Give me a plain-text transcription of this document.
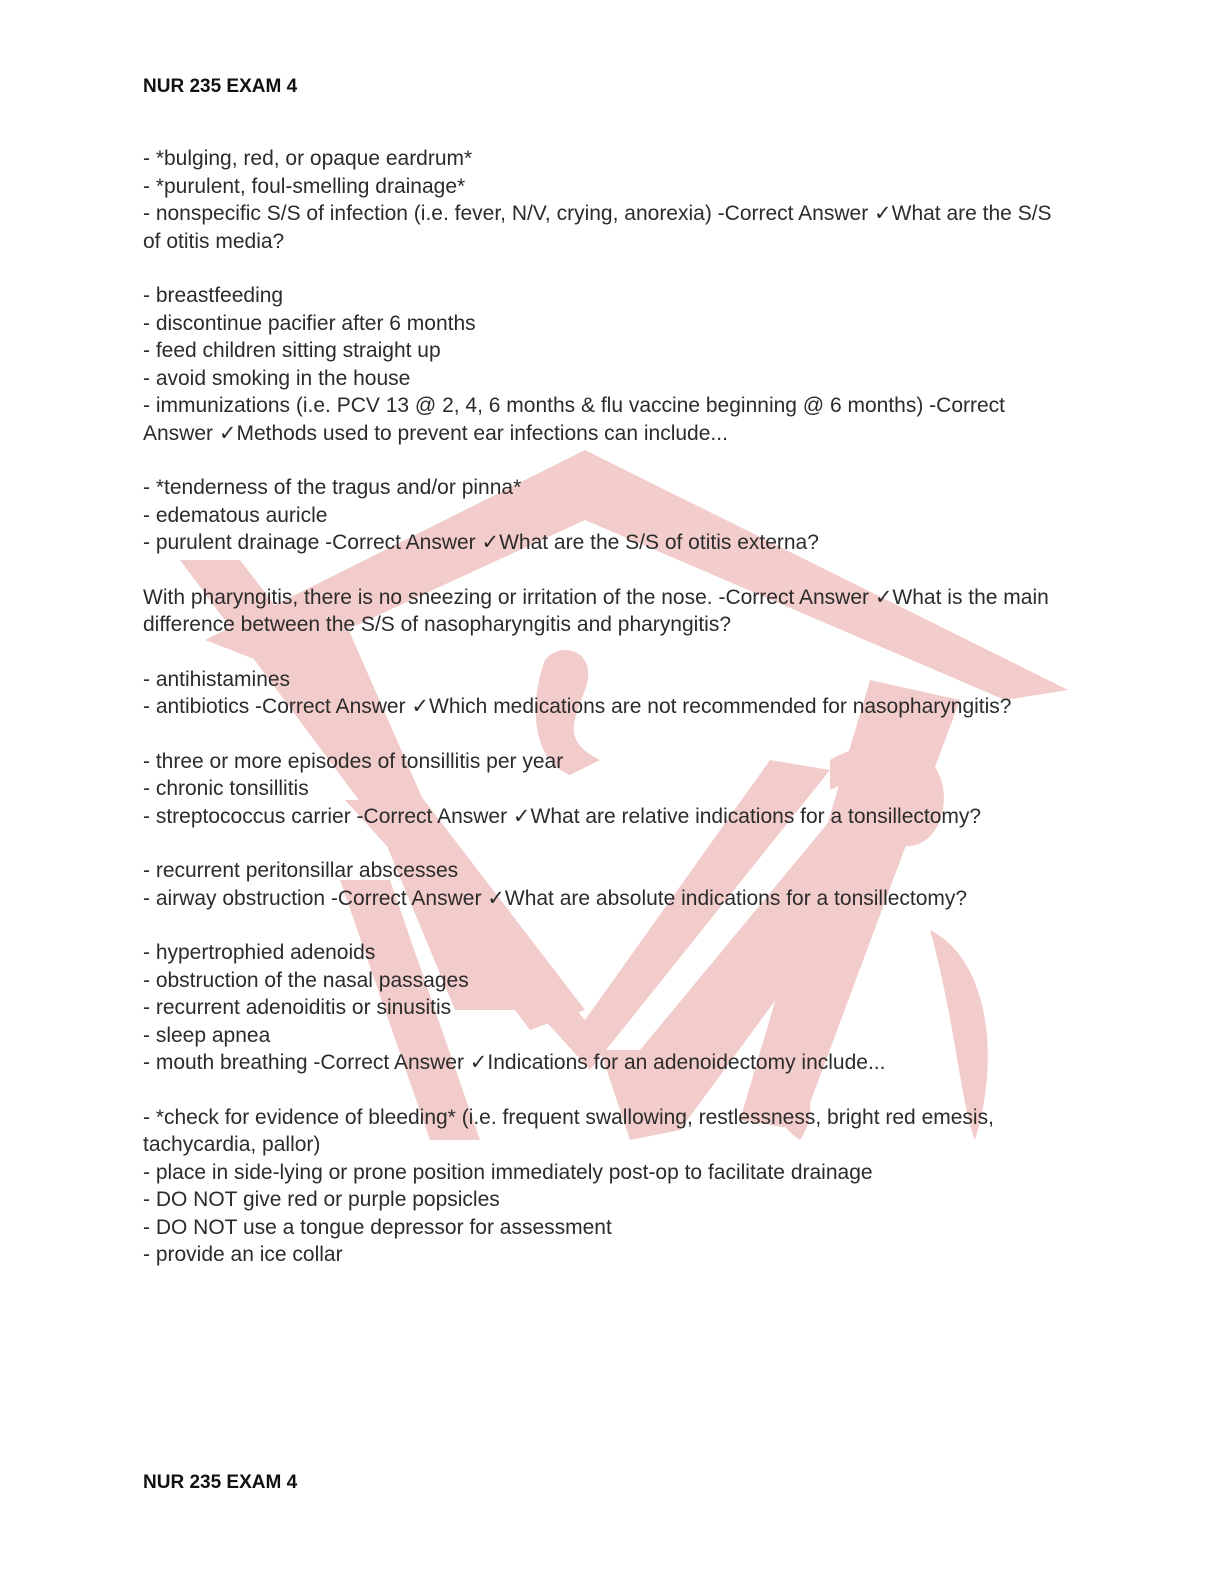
NUR 235 EXAM 4
- *bulging, red, or opaque eardrum*
- *purulent, foul-smelling drainage*
- nonspecific S/S of infection (i.e. fever, N/V, crying, anorexia) -Correct Answer ✓What are the S/S of otitis media?
- breastfeeding
- discontinue pacifier after 6 months
- feed children sitting straight up
- avoid smoking in the house
- immunizations (i.e. PCV 13 @ 2, 4, 6 months & flu vaccine beginning @ 6 months) -Correct Answer ✓Methods used to prevent ear infections can include...
- *tenderness of the tragus and/or pinna*
- edematous auricle
- purulent drainage -Correct Answer ✓What are the S/S of otitis externa?
With pharyngitis, there is no sneezing or irritation of the nose. -Correct Answer ✓What is the main difference between the S/S of nasopharyngitis and pharyngitis?
- antihistamines
- antibiotics -Correct Answer ✓Which medications are not recommended for nasopharyngitis?
- three or more episodes of tonsillitis per year
- chronic tonsillitis
- streptococcus carrier -Correct Answer ✓What are relative indications for a tonsillectomy?
- recurrent peritonsillar abscesses
- airway obstruction -Correct Answer ✓What are absolute indications for a tonsillectomy?
- hypertrophied adenoids
- obstruction of the nasal passages
- recurrent adenoiditis or sinusitis
- sleep apnea
- mouth breathing -Correct Answer ✓Indications for an adenoidectomy include...
- *check for evidence of bleeding* (i.e. frequent swallowing, restlessness, bright red emesis, tachycardia, pallor)
- place in side-lying or prone position immediately post-op to facilitate drainage
- DO NOT give red or purple popsicles
- DO NOT use a tongue depressor for assessment
- provide an ice collar
NUR 235 EXAM 4
